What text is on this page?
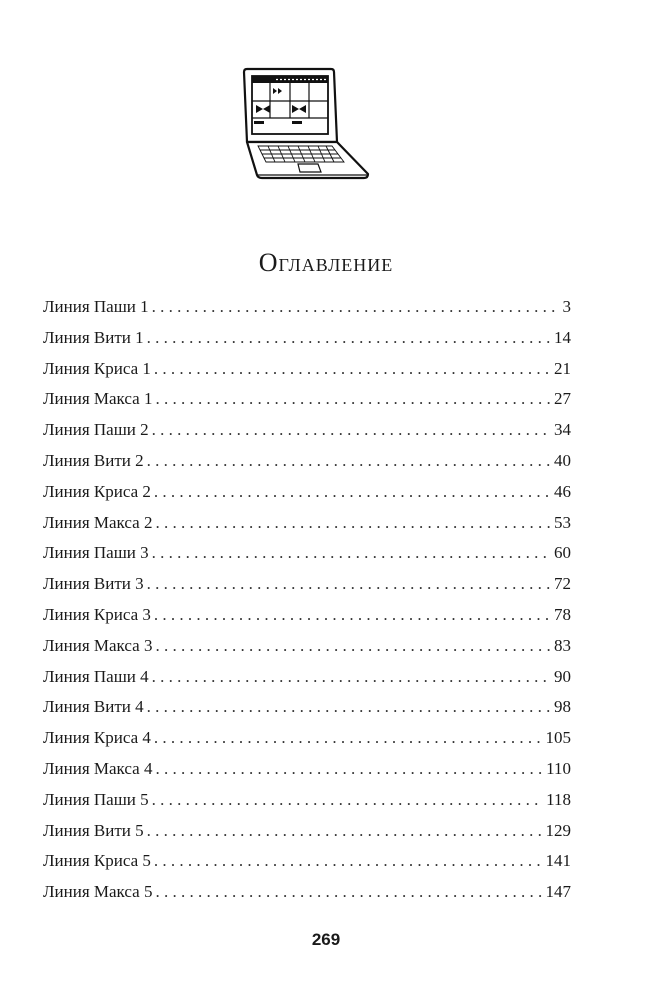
Оглавление
Линия Паши 1 . . .	3
Линия Вити 1 . . .	14
Линия Криса 1 . . .	21
Линия Макса 1 . . .	27
Линия Паши 2 . . .	34
Линия Вити 2 . . .	40
Линия Криса 2 . . .	46
Линия Макса 2 . . .	53
Линия Паши 3 . . .	60
Линия Вити 3 . . .	72
Линия Криса 3 . . .	78
Линия Макса 3 . . .	83
Линия Паши 4 . . .	90
Линия Вити 4 . . .	98
Линия Криса 4 . . .	105
Линия Макса 4 . . .	110
Линия Паши 5 . . .	118
Линия Вити 5 . . .	129
Линия Криса 5 . . .	141
Линия Макса 5 . . .	147
269
